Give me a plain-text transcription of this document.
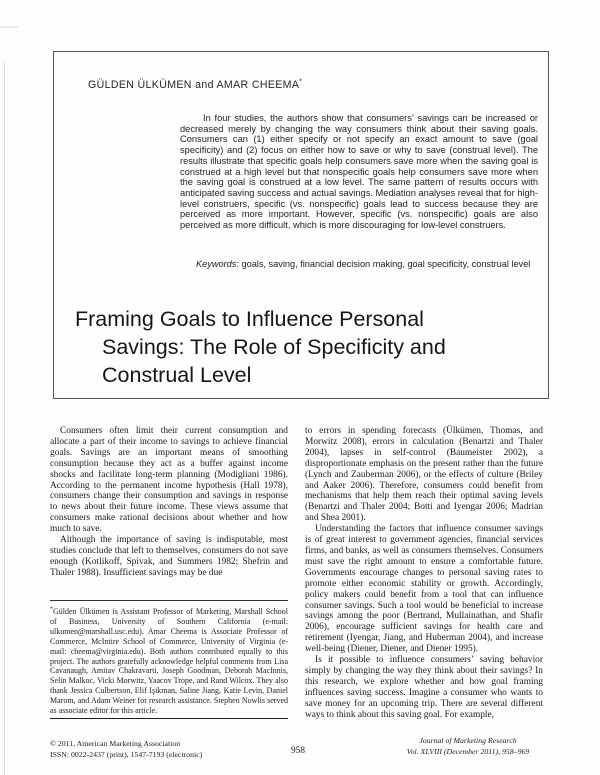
GÜLDEN ÜLKÜMEN and AMAR CHEEMA*

In four studies, the authors show that consumers’ savings can be increased or decreased merely by changing the way consumers think about their saving goals. Consumers can (1) either specify or not specify an exact amount to save (goal specificity) and (2) focus on either how to save or why to save (construal level). The results illustrate that specific goals help consumers save more when the saving goal is construed at a high level but that nonspecific goals help consumers save more when the saving goal is construed at a low level. The same pattern of results occurs with anticipated saving success and actual savings. Mediation analyses reveal that for high-level construers, specific (vs. nonspecific) goals lead to success because they are perceived as more important. However, specific (vs. nonspecific) goals are also perceived as more difficult, which is more discouraging for low-level construers.

Keywords: goals, saving, financial decision making, goal specificity, construal level

Framing Goals to Influence Personal
Savings: The Role of Specificity and
Construal Level

Consumers often limit their current consumption and allocate a part of their income to savings to achieve financial goals. Savings are an important means of smoothing consumption because they act as a buffer against income shocks and facilitate long-term planning (Modigliani 1986). According to the permanent income hypothesis (Hall 1978), consumers change their consumption and savings in response to news about their future income. These views assume that consumers make rational decisions about whether and how much to save.

Although the importance of saving is indisputable, most studies conclude that left to themselves, consumers do not save enough (Kotlikoff, Spivak, and Summers 1982; Shefrin and Thaler 1988). Insufficient savings may be due

to errors in spending forecasts (Ülkümen, Thomas, and Morwitz 2008), errors in calculation (Benartzi and Thaler 2004), lapses in self-control (Baumeister 2002), a disproportionate emphasis on the present rather than the future (Lynch and Zauberman 2006), or the effects of culture (Briley and Aaker 2006). Therefore, consumers could benefit from mechanisms that help them reach their optimal saving levels (Benartzi and Thaler 2004; Botti and Iyengar 2006; Madrian and Shea 2001).

Understanding the factors that influence consumer savings is of great interest to government agencies, financial services firms, and banks, as well as consumers themselves. Consumers must save the right amount to ensure a comfortable future. Governments encourage changes to personal saving rates to promote either economic stability or growth. Accordingly, policy makers could benefit from a tool that can influence consumer savings. Such a tool would be beneficial to increase savings among the poor (Bertrand, Mullainathan, and Shafir 2006), encourage sufficient savings for health care and retirement (Iyengar, Jiang, and Huberman 2004), and increase well-being (Diener, Diener, and Diener 1995).

Is it possible to influence consumers’ saving behavior simply by changing the way they think about their savings? In this research, we explore whether and how goal framing influences saving success. Imagine a consumer who wants to save money for an upcoming trip. There are several different ways to think about this saving goal. For example,

*Gülden Ülkümen is Assistant Professor of Marketing, Marshall School of Business, University of Southern California (e-mail: ulkumen@marshall.usc.edu). Amar Cheema is Associate Professor of Commerce, McIntire School of Commerce, University of Virginia (e-mail: cheema@virginia.edu). Both authors contributed equally to this project. The authors gratefully acknowledge helpful comments from Lisa Cavanaugh, Amitav Chakravarti, Joseph Goodman, Deborah MacInnis, Selin Malkoc, Vicki Morwitz, Yaacov Trope, and Rand Wilcox. They also thank Jessica Culbertson, Elif Işikman, Saline Jiang, Katie Levin, Daniel Marom, and Adam Weiner for research assistance. Stephen Nowlis served as associate editor for this article.
© 2011, American Marketing Association
ISSN: 0022-2437 (print), 1547-7193 (electronic)	958
Journal of Marketing Research
Vol. XLVIII (December 2011), 958–969
